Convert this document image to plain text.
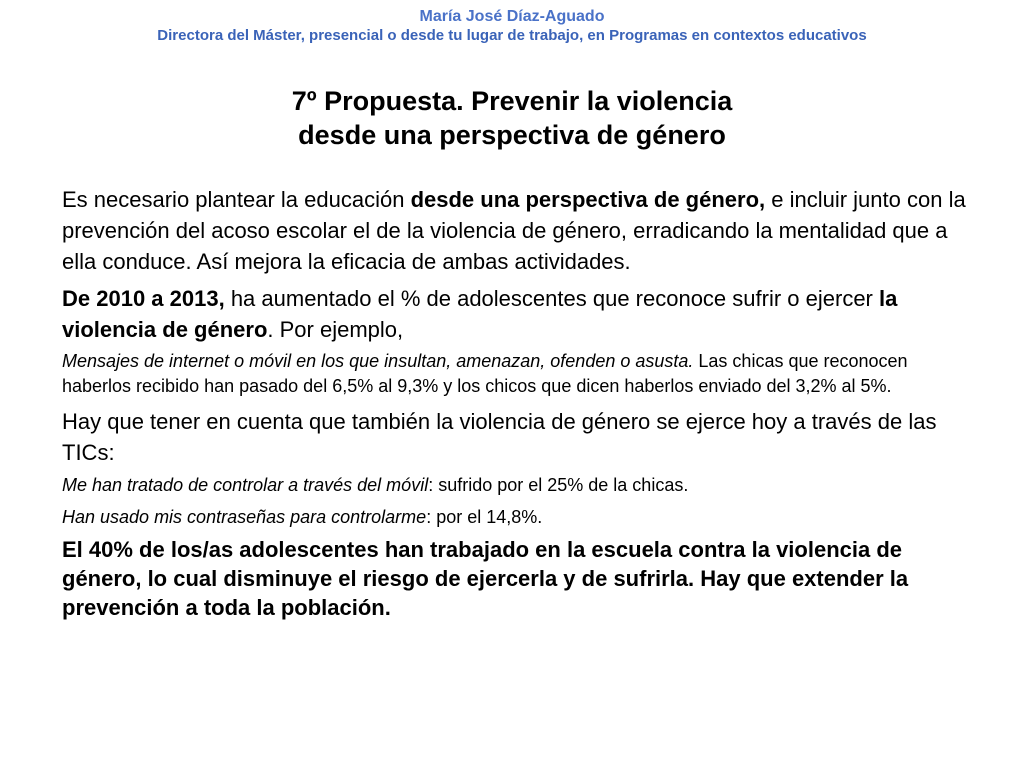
María José Díaz-Aguado
Directora del Máster, presencial o desde tu lugar de trabajo, en Programas en contextos educativos
7º Propuesta. Prevenir la violencia
desde una perspectiva de género

Es necesario plantear la educación desde una perspectiva de género, e incluir junto con la prevención del acoso escolar el de la violencia de género, erradicando la mentalidad que a ella conduce. Así mejora la eficacia de ambas actividades.

De 2010 a 2013, ha aumentado el % de adolescentes que reconoce sufrir o ejercer la violencia de género. Por ejemplo,

Mensajes de internet o móvil en los que insultan, amenazan, ofenden o asusta. Las chicas que reconocen haberlos recibido han pasado del 6,5% al 9,3% y los chicos que dicen haberlos enviado del 3,2% al 5%.

Hay que tener en cuenta que también la violencia de género se ejerce hoy a través de las TICs:

Me han tratado de controlar a través del móvil: sufrido por el 25% de la chicas.

Han usado mis contraseñas para controlarme: por el 14,8%.

El 40% de los/as adolescentes han trabajado en la escuela contra la violencia de género, lo cual disminuye el riesgo de ejercerla y de sufrirla. Hay que extender la prevención a toda la población.
